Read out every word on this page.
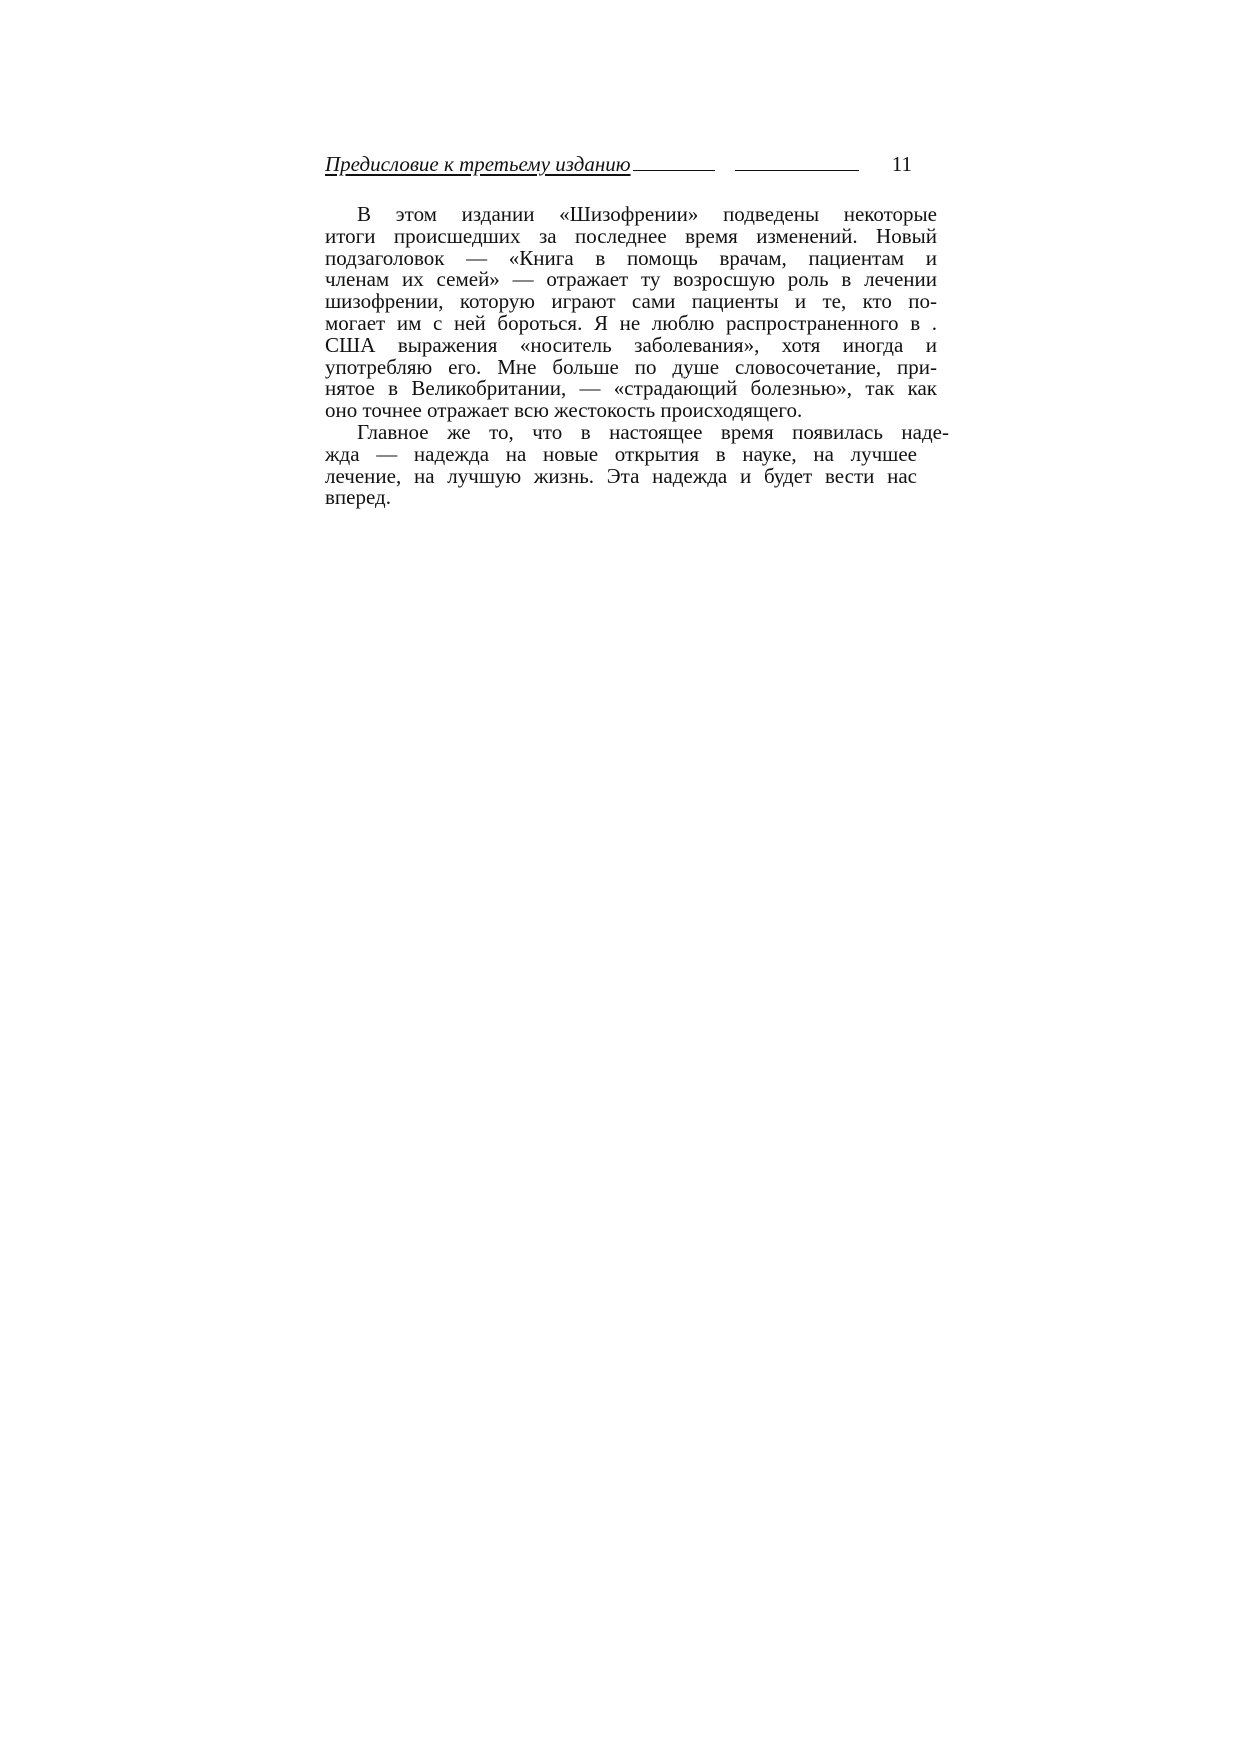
Предисловие к третьему изданию	11
В этом издании «Шизофрении» подведены некоторые
итоги происшедших за последнее время изменений. Новый
подзаголовок — «Книга в помощь врачам, пациентам и
членам их семей» — отражает ту возросшую роль в лечении
шизофрении, которую играют сами пациенты и те, кто по-
могает им с ней бороться. Я не люблю распространенного в .
США выражения «носитель заболевания», хотя иногда и
употребляю его. Мне больше по душе словосочетание, при-
нятое в Великобритании, — «страдающий болезнью», так как
оно точнее отражает всю жестокость происходящего.
Главное же то, что в настоящее время появилась наде-
жда — надежда на новые открытия в науке, на лучшее
лечение, на лучшую жизнь. Эта надежда и будет вести нас
вперед.
